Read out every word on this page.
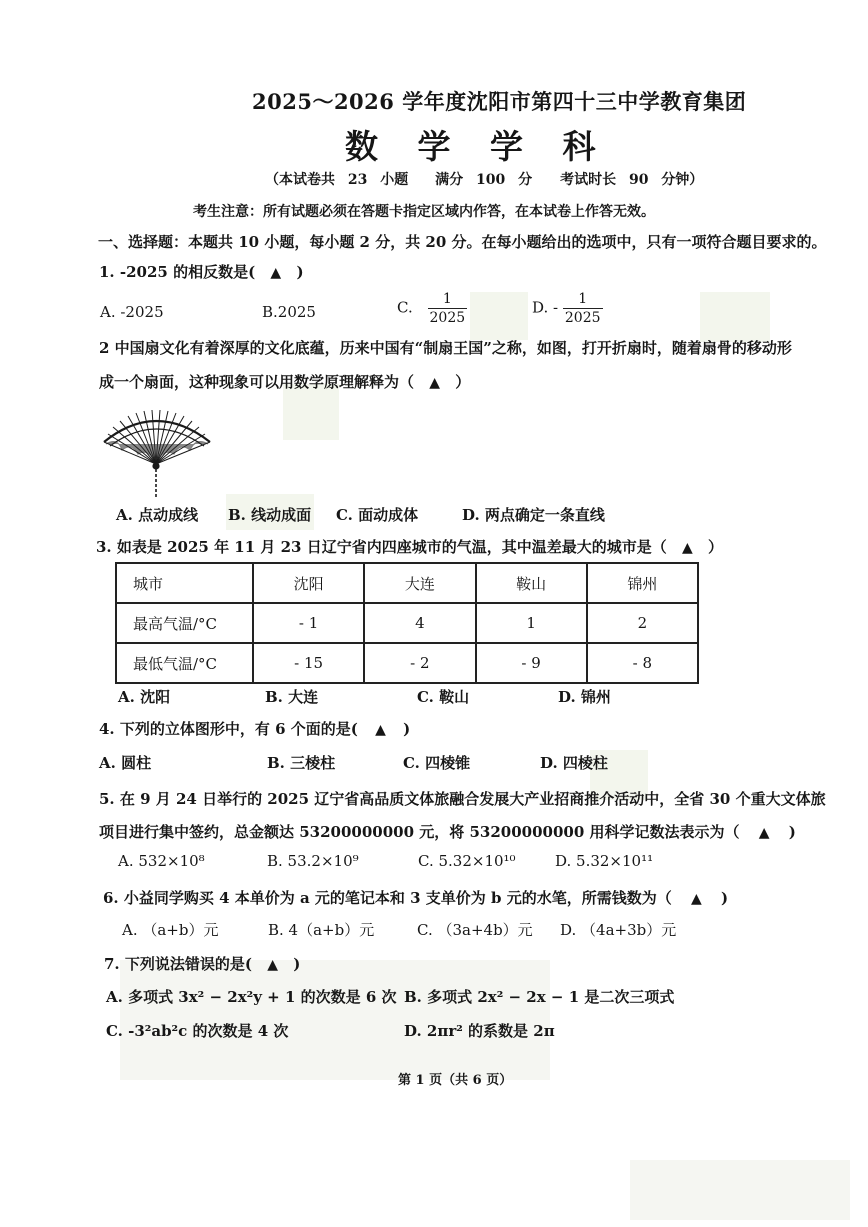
2025～2026 学年度沈阳市第四十三中学教育集团
数 学 学 科
（本试卷共 23 小题　 满分 100 分　　考试时长 90 分钟）
考生注意：所有试题必须在答题卡指定区域内作答，在本试卷上作答无效。
一、选择题：本题共 10 小题，每小题 2 分，共 20 分。在每小题给出的选项中，只有一项符合题目要求的。
1. -2025 的相反数是( ▲ )
A. -2025	B.2025	C. $\frac{1}{2025}$	D. - $\frac{1}{2025}$
2 中国扇文化有着深厚的文化底蕴，历来中国有“制扇王国”之称，如图，打开折扇时，随着扇骨的移动形
成一个扇面，这种现象可以用数学原理解释为（ ▲ ）
A. 点动成线 B. 线动成面 C. 面动成体	D. 两点确定一条直线
3. 如表是 2025 年 11 月 23 日辽宁省内四座城市的气温，其中温差最大的城市是（ ▲ ）
城市	沈阳	大连	鞍山	锦州
最高气温/°C	- 1	4	1	2
最低气温/°C	- 15	- 2	- 9	- 8
A. 沈阳	B. 大连	C. 鞍山	D. 锦州
4. 下列的立体图形中，有 6 个面的是( ▲ )
A. 圆柱	B. 三棱柱	C. 四棱锥	D. 四棱柱
5. 在 9 月 24 日举行的 2025 辽宁省高品质文体旅融合发展大产业招商推介活动中，全省 30 个重大文体旅
项目进行集中签约，总金额达 53200000000 元，将 53200000000 用科学记数法表示为（ ▲ )
A. 532×10⁸	B. 53.2×10⁹	C. 5.32×10¹⁰	D. 5.32×10¹¹
6. 小益同学购买 4 本单价为 a 元的笔记本和 3 支单价为 b 元的水笔，所需钱数为（ ▲ )
A. （a+b）元	B. 4（a+b）元	C. （3a+4b）元 D. （4a+3b）元
7. 下列说法错误的是( ▲ )
A. 多项式 3x² − 2x²y + 1 的次数是 6 次 B. 多项式 2x² − 2x − 1 是二次三项式
C. -3²ab²c 的次数是 4 次	D. 2πr² 的系数是 2π
第 1 页（共 6 页）
